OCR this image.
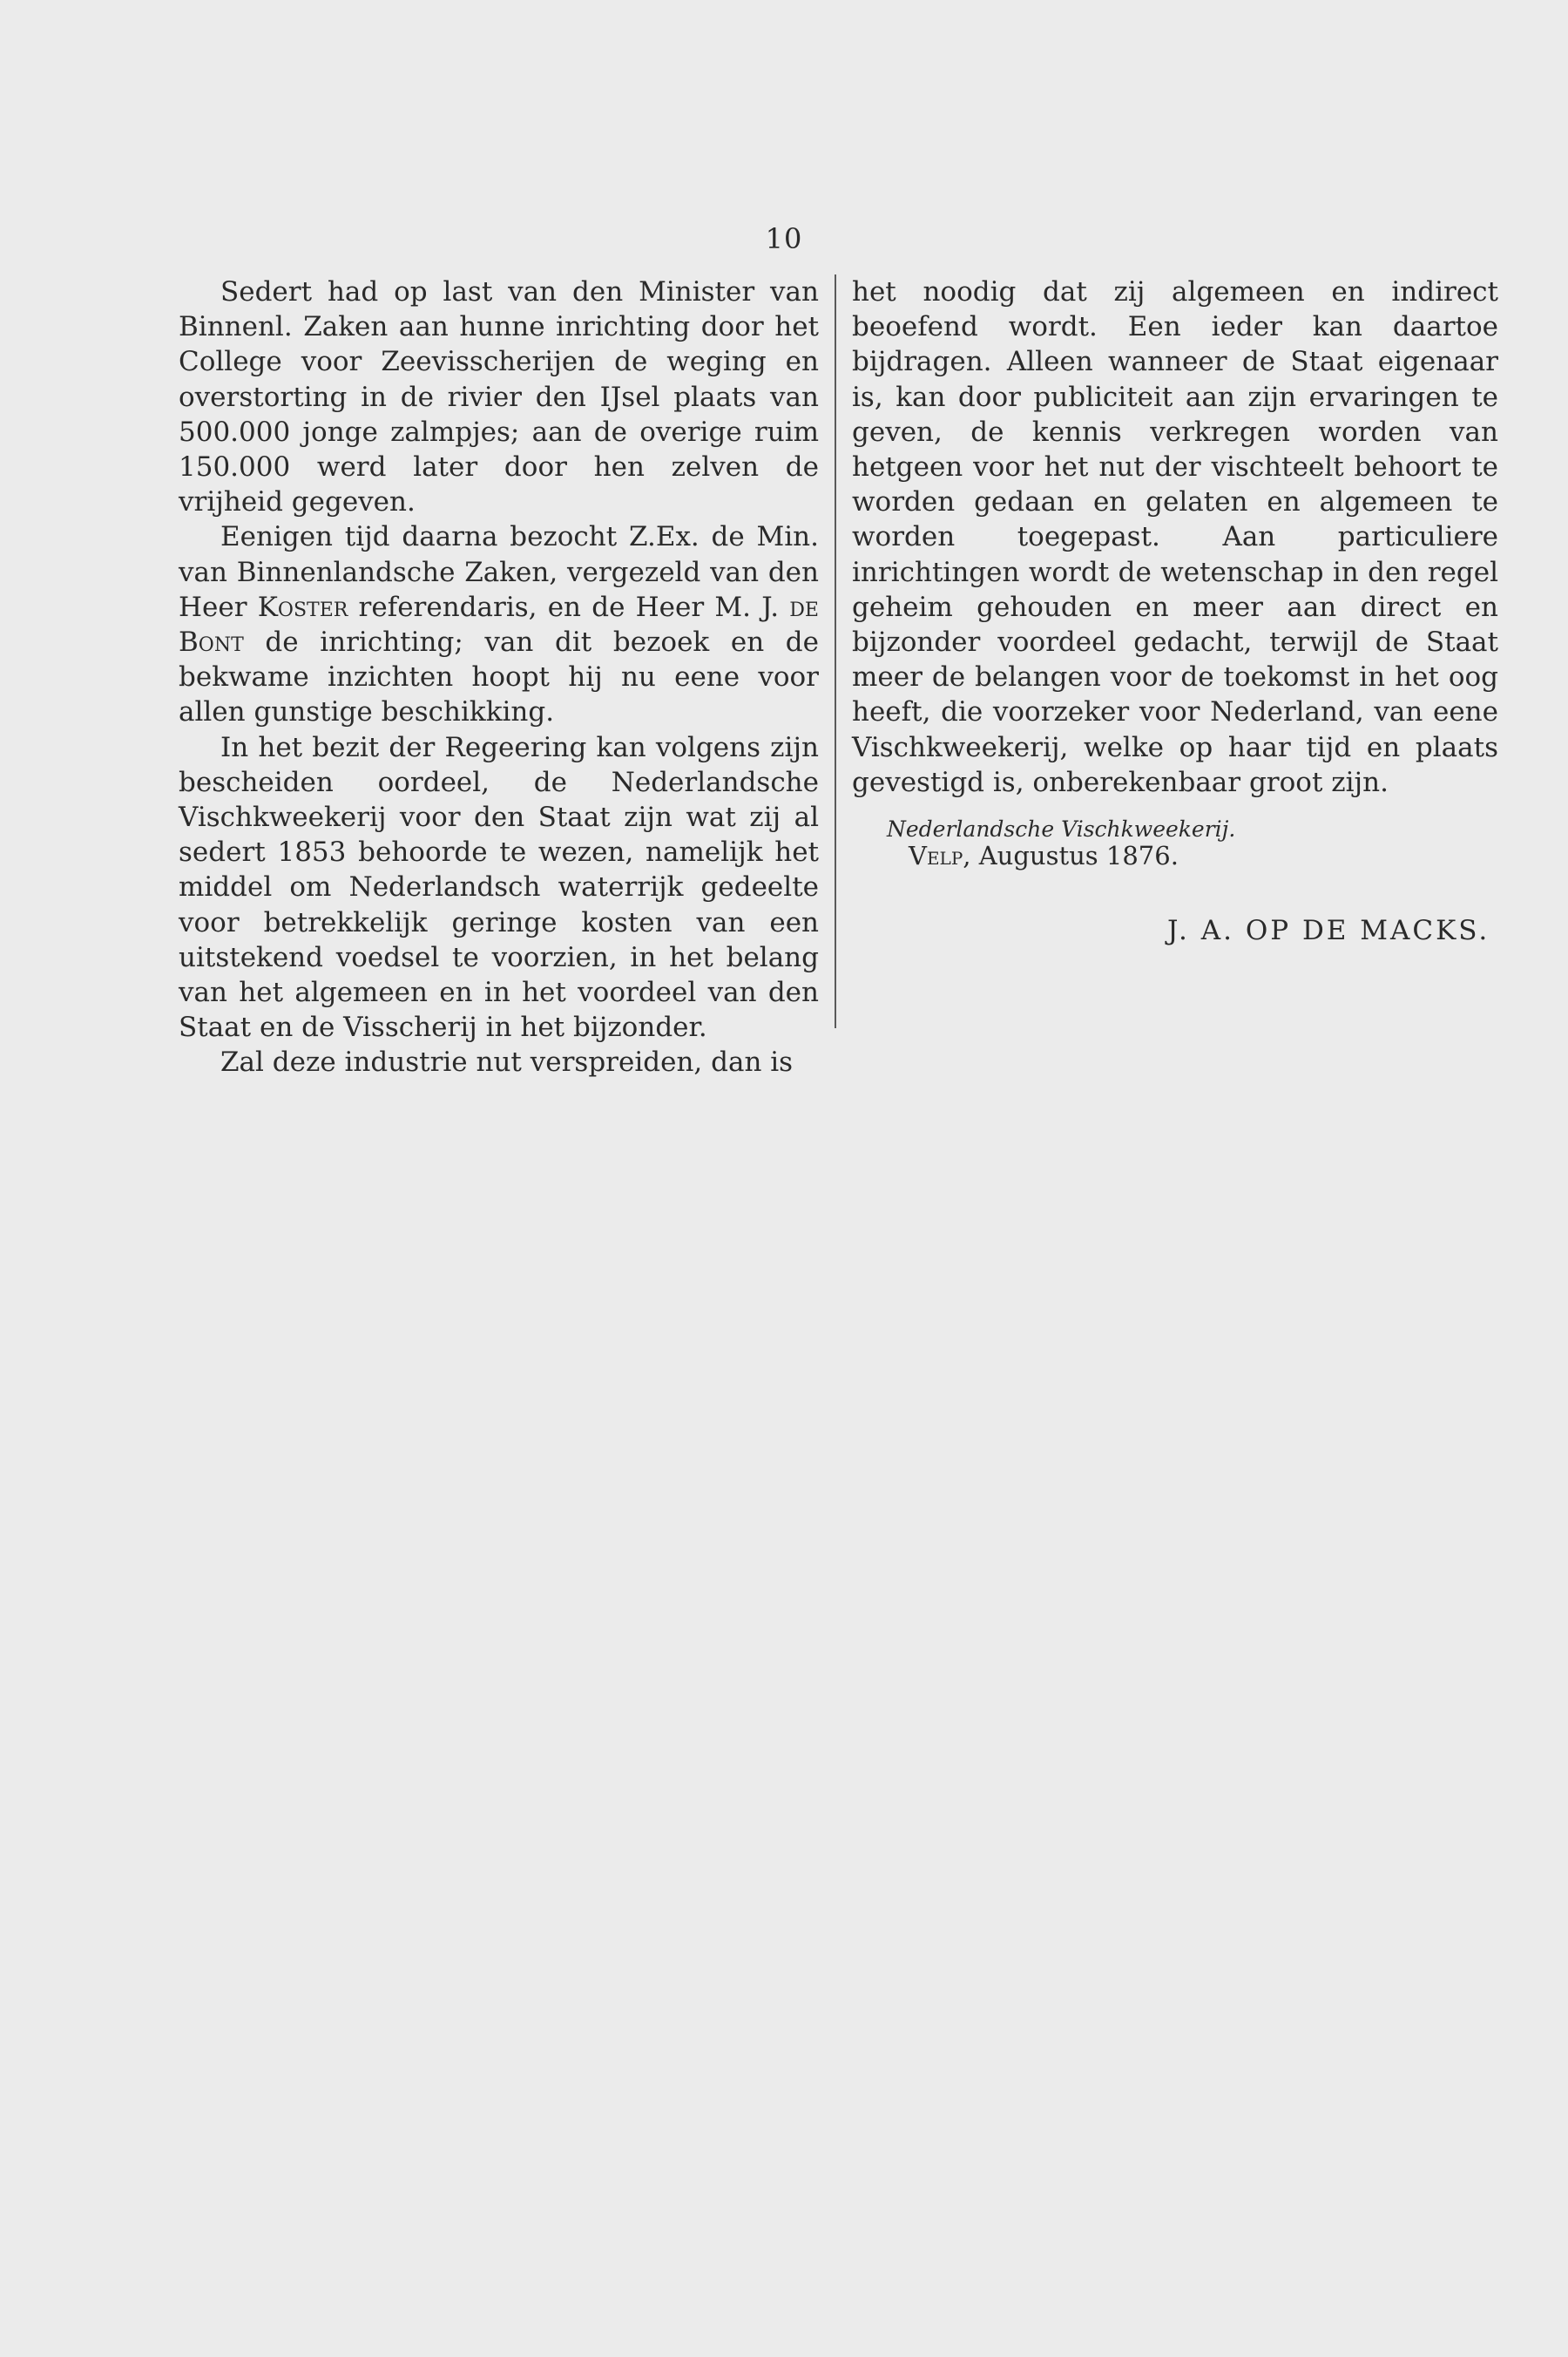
10

Sedert had op last van den Minister van Binnenl. Zaken aan hunne inrichting door het College voor Zeevisscherijen de weging en overstorting in de rivier den IJsel plaats van 500.000 jonge zalmpjes; aan de overige ruim 150.000 werd later door hen zelven de vrijheid gegeven.

Eenigen tijd daarna bezocht Z.Ex. de Min. van Binnenlandsche Zaken, vergezeld van den Heer Koster referendaris, en de Heer M. J. de Bont de inrichting; van dit bezoek en de bekwame inzichten hoopt hij nu eene voor allen gunstige beschikking.

In het bezit der Regeering kan volgens zijn bescheiden oordeel, de Nederlandsche Vischkweekerij voor den Staat zijn wat zij al sedert 1853 behoorde te wezen, namelijk het middel om Nederlandsch waterrijk gedeelte voor betrekkelijk geringe kosten van een uitstekend voedsel te voorzien, in het belang van het algemeen en in het voordeel van den Staat en de Visscherij in het bijzonder.

Zal deze industrie nut verspreiden, dan is

het noodig dat zij algemeen en indirect beoefend wordt. Een ieder kan daartoe bijdragen. Alleen wanneer de Staat eigenaar is, kan door publiciteit aan zijn ervaringen te geven, de kennis verkregen worden van hetgeen voor het nut der vischteelt behoort te worden gedaan en gelaten en algemeen te worden toegepast. Aan particuliere inrichtingen wordt de wetenschap in den regel geheim gehouden en meer aan direct en bijzonder voordeel gedacht, terwijl de Staat meer de belangen voor de toekomst in het oog heeft, die voorzeker voor Nederland, van eene Vischkweekerij, welke op haar tijd en plaats gevestigd is, onberekenbaar groot zijn.

Nederlandsche Vischkweekerij.
Velp, Augustus 1876.
J. A. OP DE MACKS.
